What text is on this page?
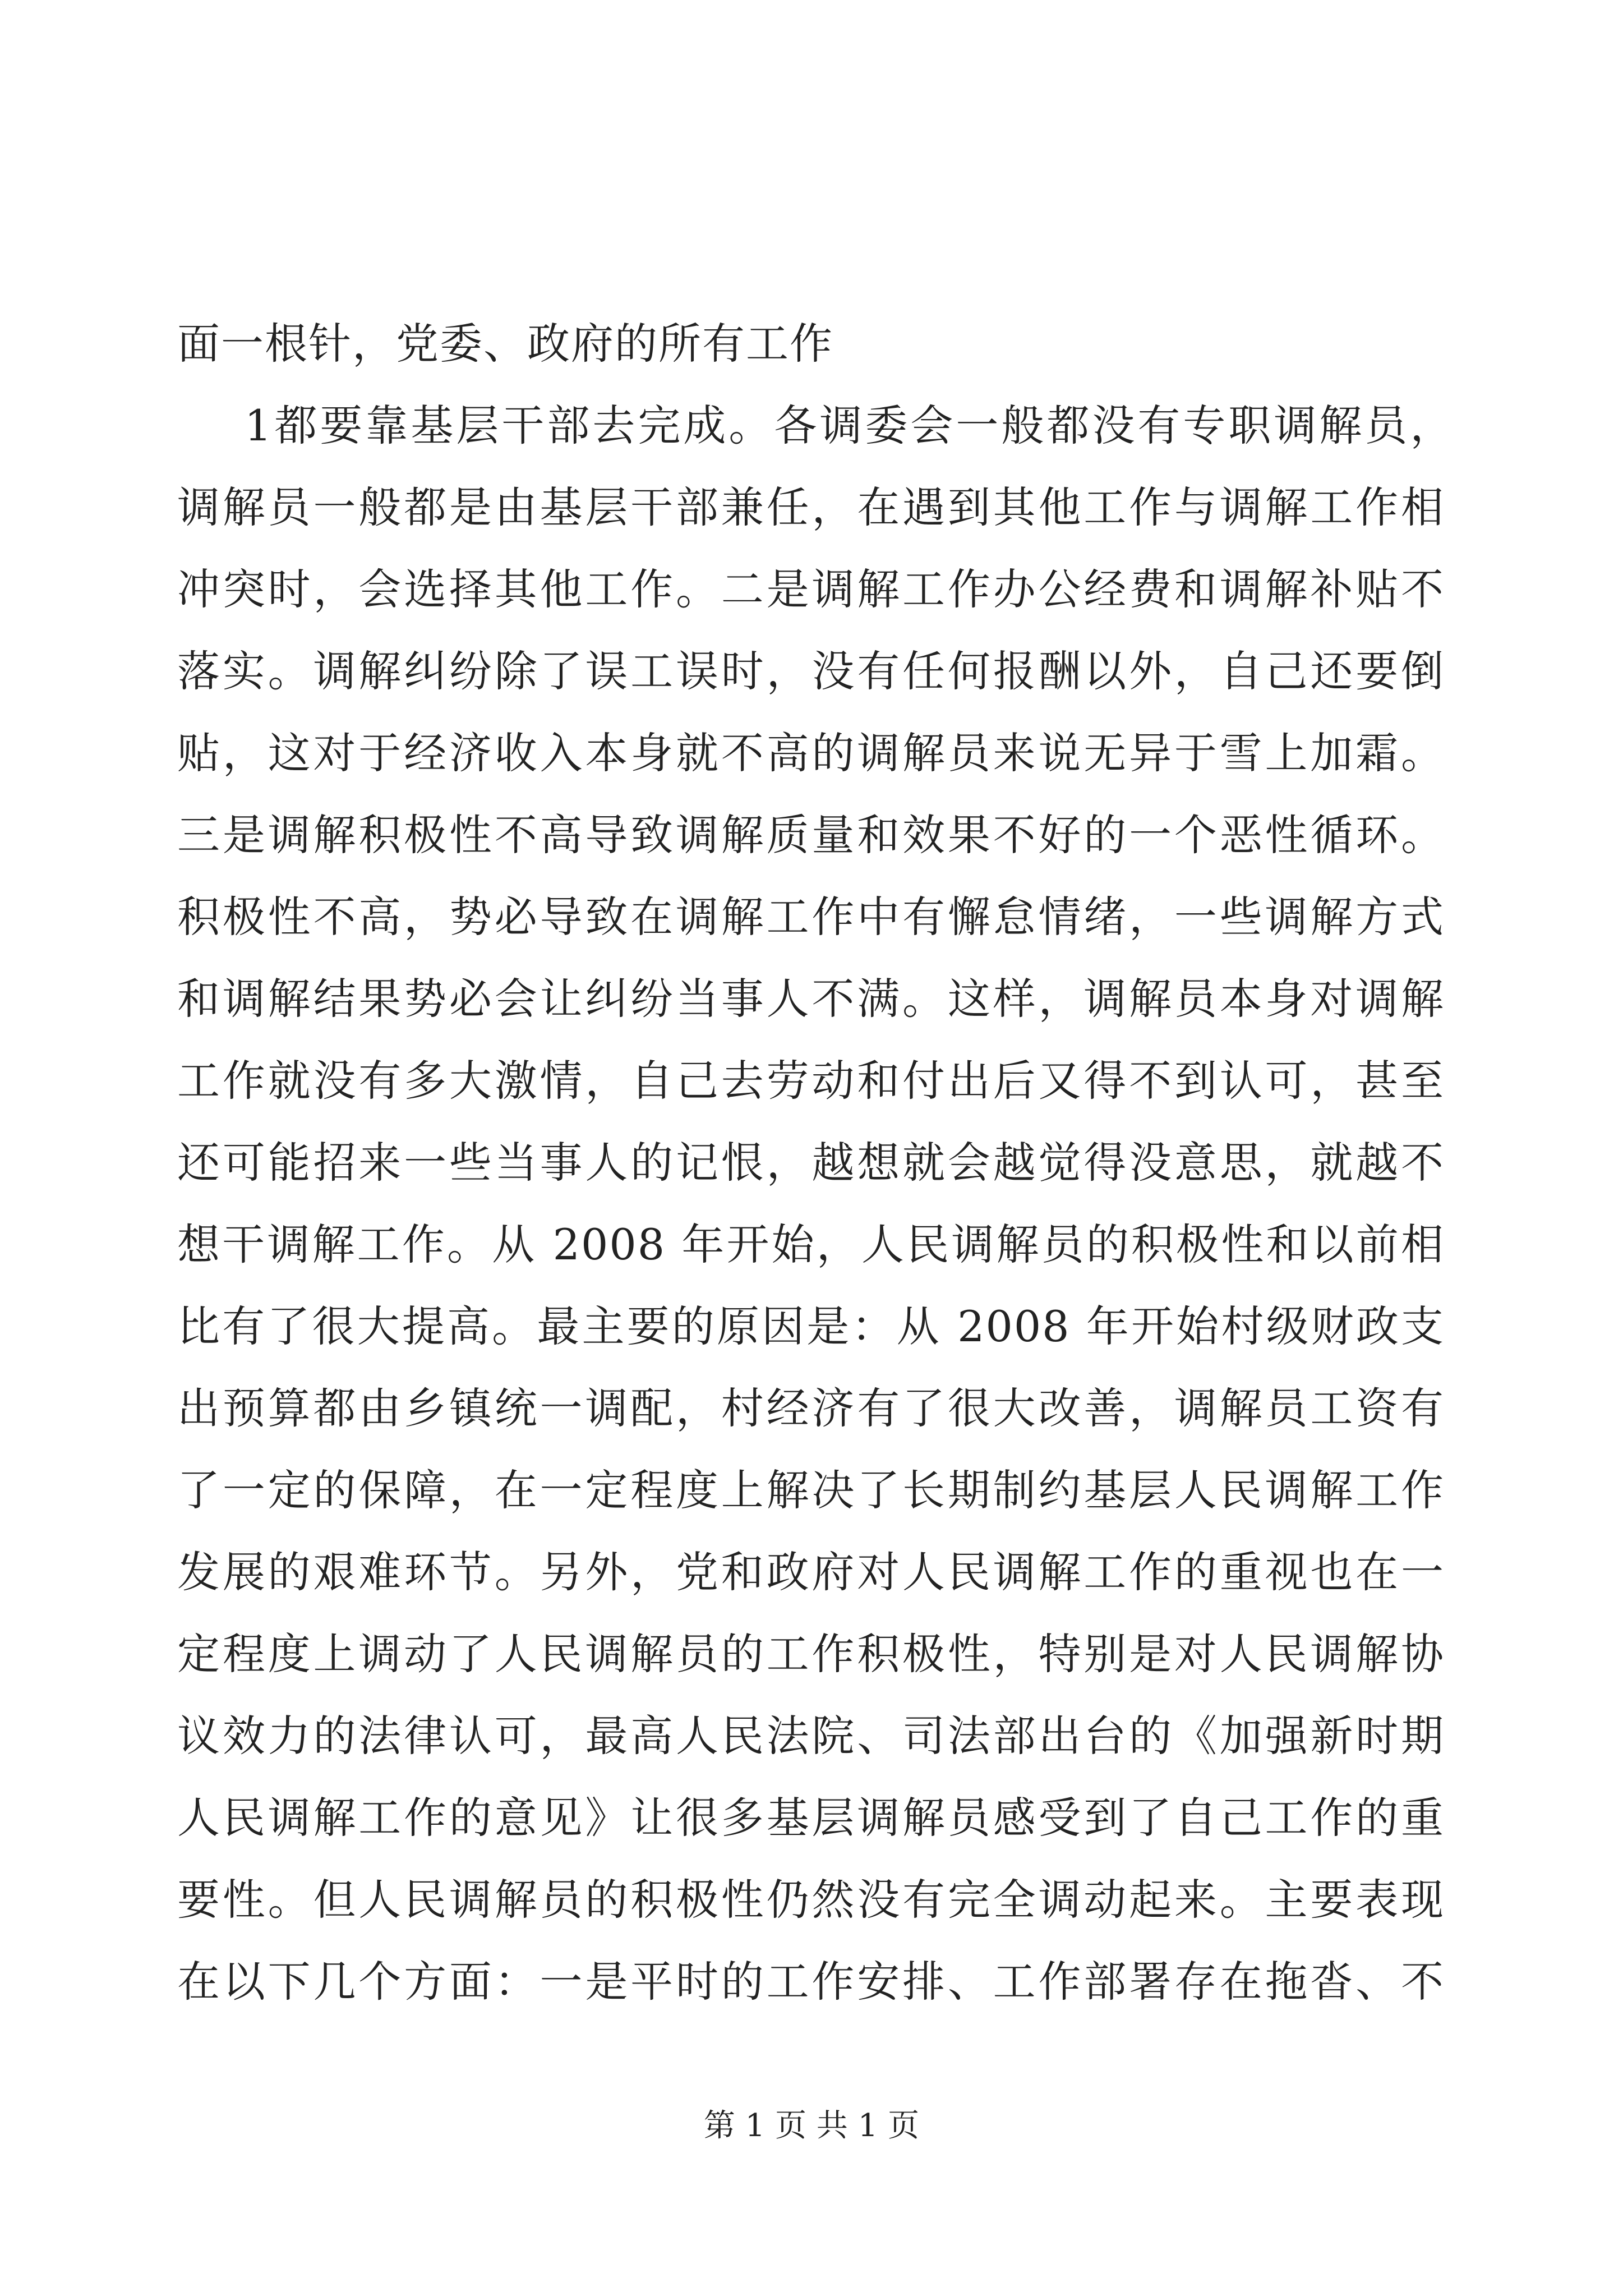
面一根针，党委、政府的所有工作
1都要靠基层干部去完成。各调委会一般都没有专职调解员，
调解员一般都是由基层干部兼任，在遇到其他工作与调解工作相
冲突时，会选择其他工作。二是调解工作办公经费和调解补贴不
落实。调解纠纷除了误工误时，没有任何报酬以外，自己还要倒
贴，这对于经济收入本身就不高的调解员来说无异于雪上加霜。
三是调解积极性不高导致调解质量和效果不好的一个恶性循环。
积极性不高，势必导致在调解工作中有懈怠情绪，一些调解方式
和调解结果势必会让纠纷当事人不满。这样，调解员本身对调解
工作就没有多大激情，自己去劳动和付出后又得不到认可，甚至
还可能招来一些当事人的记恨，越想就会越觉得没意思，就越不
想干调解工作。从 2008 年开始，人民调解员的积极性和以前相
比有了很大提高。最主要的原因是：从 2008 年开始村级财政支
出预算都由乡镇统一调配，村经济有了很大改善，调解员工资有
了一定的保障，在一定程度上解决了长期制约基层人民调解工作
发展的艰难环节。另外，党和政府对人民调解工作的重视也在一
定程度上调动了人民调解员的工作积极性，特别是对人民调解协
议效力的法律认可，最高人民法院、司法部出台的《加强新时期
人民调解工作的意见》让很多基层调解员感受到了自己工作的重
要性。但人民调解员的积极性仍然没有完全调动起来。主要表现
在以下几个方面：一是平时的工作安排、工作部署存在拖沓、不
第 1 页 共 1 页
